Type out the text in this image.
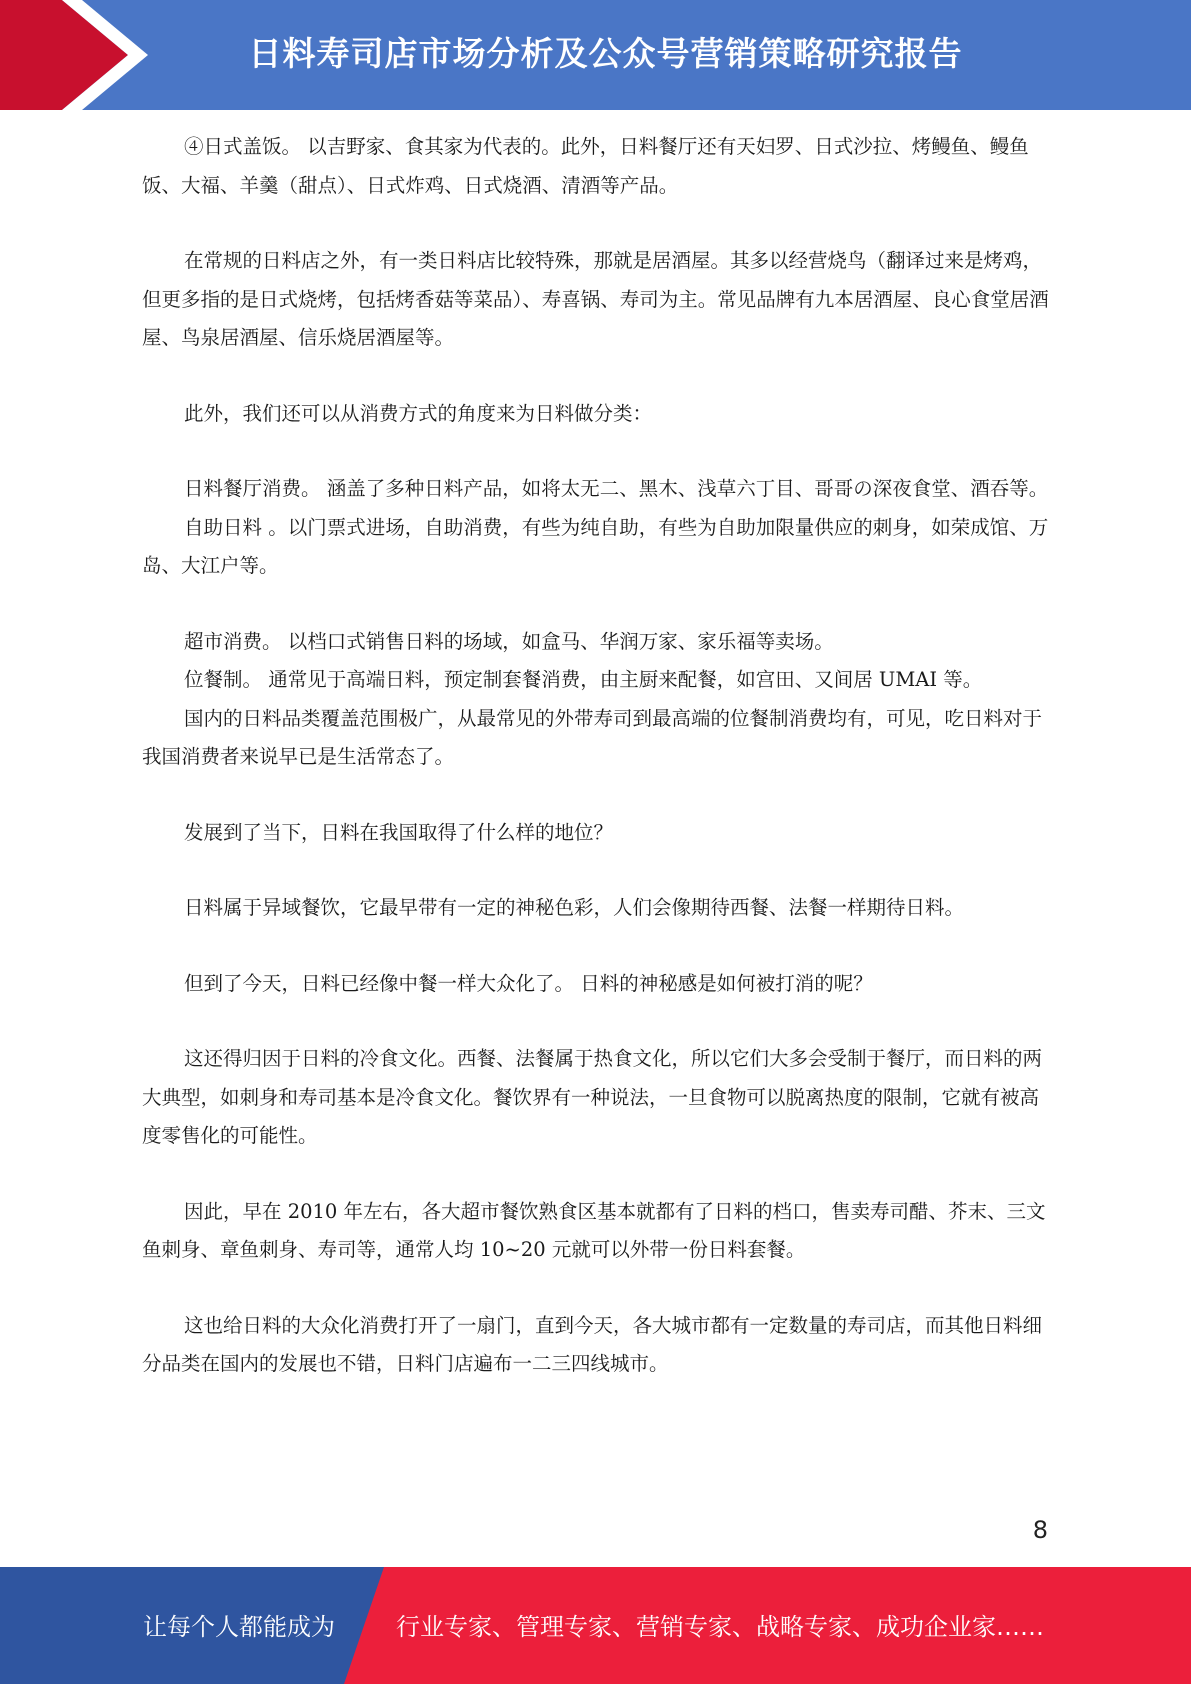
日料寿司店市场分析及公众号营销策略研究报告

④日式盖饭。 以吉野家、食其家为代表的。此外，日料餐厅还有天妇罗、日式沙拉、烤鳗鱼、鳗鱼饭、大福、羊羹（甜点）、日式炸鸡、日式烧酒、清酒等产品。

在常规的日料店之外，有一类日料店比较特殊，那就是居酒屋。其多以经营烧鸟（翻译过来是烤鸡，但更多指的是日式烧烤，包括烤香菇等菜品）、寿喜锅、寿司为主。常见品牌有九本居酒屋、良心食堂居酒屋、鸟泉居酒屋、信乐烧居酒屋等。

此外，我们还可以从消费方式的角度来为日料做分类：

日料餐厅消费。 涵盖了多种日料产品，如将太无二、黑木、浅草六丁目、哥哥の深夜食堂、酒吞等。

自助日料 。以门票式进场，自助消费，有些为纯自助，有些为自助加限量供应的刺身，如荣成馆、万岛、大江户等。

超市消费。 以档口式销售日料的场域，如盒马、华润万家、家乐福等卖场。

位餐制。 通常见于高端日料，预定制套餐消费，由主厨来配餐，如宫田、又间居 UMAI 等。

国内的日料品类覆盖范围极广，从最常见的外带寿司到最高端的位餐制消费均有，可见，吃日料对于我国消费者来说早已是生活常态了。

发展到了当下，日料在我国取得了什么样的地位？

日料属于异域餐饮，它最早带有一定的神秘色彩，人们会像期待西餐、法餐一样期待日料。

但到了今天，日料已经像中餐一样大众化了。 日料的神秘感是如何被打消的呢？

这还得归因于日料的冷食文化。西餐、法餐属于热食文化，所以它们大多会受制于餐厅，而日料的两大典型，如刺身和寿司基本是冷食文化。餐饮界有一种说法，一旦食物可以脱离热度的限制，它就有被高度零售化的可能性。

因此，早在 2010 年左右，各大超市餐饮熟食区基本就都有了日料的档口，售卖寿司醋、芥末、三文鱼刺身、章鱼刺身、寿司等，通常人均 10~20 元就可以外带一份日料套餐。

这也给日料的大众化消费打开了一扇门，直到今天，各大城市都有一定数量的寿司店，而其他日料细分品类在国内的发展也不错，日料门店遍布一二三四线城市。

8
让每个人都能成为	行业专家、管理专家、营销专家、战略专家、成功企业家……
